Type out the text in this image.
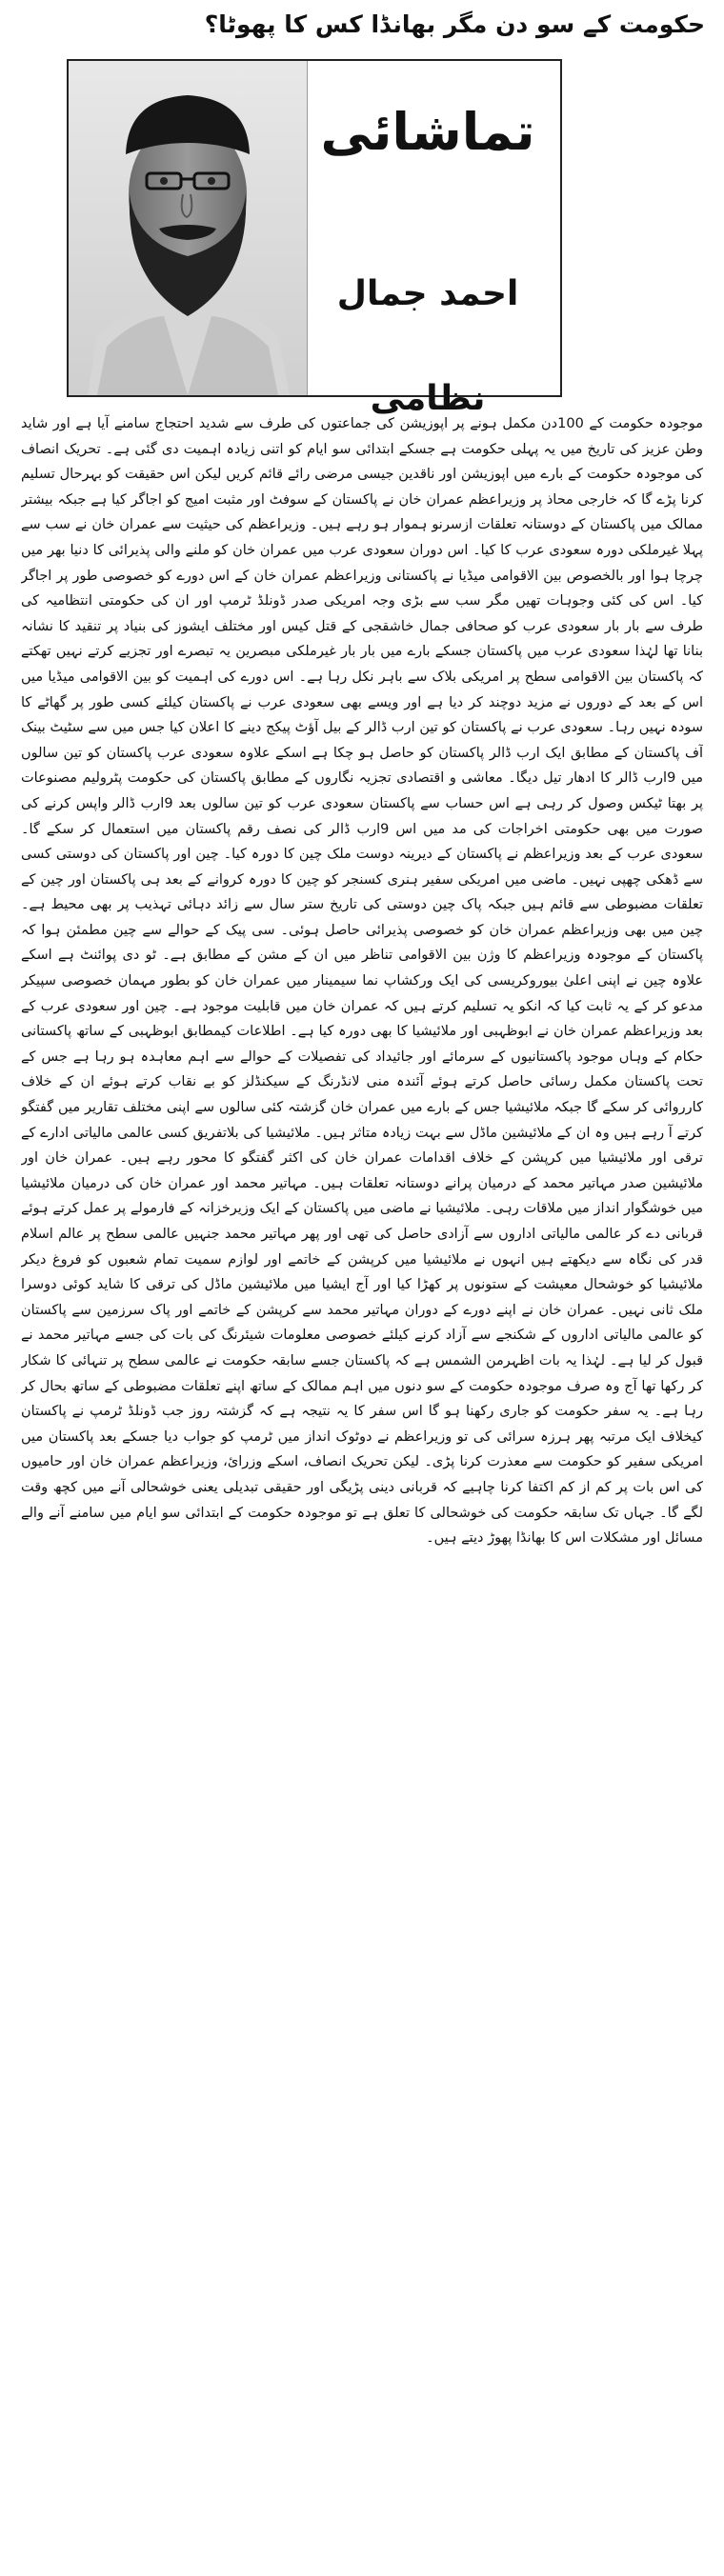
حکومت کے سو دن مگر بھانڈا کس کا پھوٹا؟
تماشائی
احمد جمال نظامی

موجودہ حکومت کے 100دن مکمل ہونے پر اپوزیشن کی جماعتوں کی طرف سے شدید احتجاج سامنے آیا ہے اور شاید وطن عزیز کی تاریخ میں یہ پہلی حکومت ہے جسکے ابتدائی سو ایام کو اتنی زیادہ اہمیت دی گئی ہے۔ تحریک انصاف کی موجودہ حکومت کے بارے میں اپوزیشن اور ناقدین جیسی مرضی رائے قائم کریں لیکن اس حقیقت کو بہرحال تسلیم کرنا پڑے گا کہ خارجی محاذ پر وزیراعظم عمران خان نے پاکستان کے سوفٹ اور مثبت امیج کو اجاگر کیا ہے جبکہ بیشتر ممالک میں پاکستان کے دوستانہ تعلقات ازسرنو ہموار ہو رہے ہیں۔ وزیراعظم کی حیثیت سے عمران خان نے سب سے پہلا غیرملکی دورہ سعودی عرب کا کیا۔ اس دوران سعودی عرب میں عمران خان کو ملنے والی پذیرائی کا دنیا بھر میں چرچا ہوا اور بالخصوص بین الاقوامی میڈیا نے پاکستانی وزیراعظم عمران خان کے اس دورے کو خصوصی طور پر اجاگر کیا۔ اس کی کئی وجوہات تھیں مگر سب سے بڑی وجہ امریکی صدر ڈونلڈ ٹرمپ اور ان کی حکومتی انتظامیہ کی طرف سے بار بار سعودی عرب کو صحافی جمال خاشقجی کے قتل کیس اور مختلف ایشوز کی بنیاد پر تنقید کا نشانہ بنانا تھا لہٰذا سعودی عرب میں پاکستان جسکے بارے میں بار بار غیرملکی مبصرین یہ تبصرے اور تجزیے کرتے نہیں تھکتے کہ پاکستان بین الاقوامی سطح پر امریکی بلاک سے باہر نکل رہا ہے۔ اس دورے کی اہمیت کو بین الاقوامی میڈیا میں اس کے بعد کے دوروں نے مزید دوچند کر دیا ہے اور ویسے بھی سعودی عرب نے پاکستان کیلئے کسی طور پر گھاٹے کا سودہ نہیں رہا۔ سعودی عرب نے پاکستان کو تین ارب ڈالر کے بیل آؤٹ پیکج دینے کا اعلان کیا جس میں سے سٹیٹ بینک آف پاکستان کے مطابق ایک ارب ڈالر پاکستان کو حاصل ہو چکا ہے اسکے علاوہ سعودی عرب پاکستان کو تین سالوں میں 9ارب ڈالر کا ادھار تیل دیگا۔ معاشی و اقتصادی تجزیہ نگاروں کے مطابق پاکستان کی حکومت پٹرولیم مصنوعات پر بھتا ٹیکس وصول کر رہی ہے اس حساب سے پاکستان سعودی عرب کو تین سالوں بعد 9ارب ڈالر واپس کرنے کی صورت میں بھی حکومتی اخراجات کی مد میں اس 9ارب ڈالر کی نصف رقم پاکستان میں استعمال کر سکے گا۔ سعودی عرب کے بعد وزیراعظم نے پاکستان کے دیرینہ دوست ملک چین کا دورہ کیا۔ چین اور پاکستان کی دوستی کسی سے ڈھکی چھپی نہیں۔ ماضی میں امریکی سفیر ہنری کسنجر کو چین کا دورہ کروانے کے بعد ہی پاکستان اور چین کے تعلقات مضبوطی سے قائم ہیں جبکہ پاک چین دوستی کی تاریخ ستر سال سے زائد دہائی تہذیب پر بھی محیط ہے۔ چین میں بھی وزیراعظم عمران خان کو خصوصی پذیرائی حاصل ہوئی۔ سی پیک کے حوالے سے چین مطمئن ہوا کہ پاکستان کے موجودہ وزیراعظم کا وژن بین الاقوامی تناظر میں ان کے مشن کے مطابق ہے۔ ٹو دی پوائنٹ ہے اسکے علاوہ چین نے اپنی اعلیٰ بیوروکریسی کی ایک ورکشاپ نما سیمینار میں عمران خان کو بطور مہمان خصوصی سپیکر مدعو کر کے یہ ثابت کیا کہ انکو یہ تسلیم کرتے ہیں کہ عمران خان میں قابلیت موجود ہے۔ چین اور سعودی عرب کے بعد وزیراعظم عمران خان نے ابوظہبی اور ملائیشیا کا بھی دورہ کیا ہے۔ اطلاعات کیمطابق ابوظہبی کے ساتھ پاکستانی حکام کے وہاں موجود پاکستانیوں کے سرمائے اور جائیداد کی تفصیلات کے حوالے سے اہم معاہدہ ہو رہا ہے جس کے تحت پاکستان مکمل رسائی حاصل کرتے ہوئے آئندہ منی لانڈرنگ کے سیکنڈلز کو بے نقاب کرتے ہوئے ان کے خلاف کارروائی کر سکے گا جبکہ ملائیشیا جس کے بارے میں عمران خان گزشتہ کئی سالوں سے اپنی مختلف تقاریر میں گفتگو کرتے آ رہے ہیں وہ ان کے ملائیشین ماڈل سے بہت زیادہ متاثر ہیں۔ ملائیشیا کی بلاتفریق کسی عالمی مالیاتی ادارے کے ترقی اور ملائیشیا میں کرپشن کے خلاف اقدامات عمران خان کی اکثر گفتگو کا محور رہے ہیں۔ عمران خان اور ملائیشین صدر مہاتیر محمد کے درمیان پرانے دوستانہ تعلقات ہیں۔ مہاتیر محمد اور عمران خان کی درمیان ملائیشیا میں خوشگوار انداز میں ملاقات رہی۔ ملائیشیا نے ماضی میں پاکستان کے ایک وزیرخزانہ کے فارمولے پر عمل کرتے ہوئے قربانی دے کر عالمی مالیاتی اداروں سے آزادی حاصل کی تھی اور پھر مہاتیر محمد جنہیں عالمی سطح پر عالم اسلام قدر کی نگاہ سے دیکھتے ہیں انہوں نے ملائیشیا میں کرپشن کے خاتمے اور لوازم سمیت تمام شعبوں کو فروغ دیکر ملائیشیا کو خوشحال معیشت کے ستونوں پر کھڑا کیا اور آج ایشیا میں ملائیشین ماڈل کی ترقی کا شاید کوئی دوسرا ملک ثانی نہیں۔ عمران خان نے اپنے دورے کے دوران مہاتیر محمد سے کرپشن کے خاتمے اور پاک سرزمین سے پاکستان کو عالمی مالیاتی اداروں کے شکنجے سے آزاد کرنے کیلئے خصوصی معلومات شیئرنگ کی بات کی جسے مہاتیر محمد نے قبول کر لیا ہے۔ لہٰذا یہ بات اظہرمن الشمس ہے کہ پاکستان جسے سابقہ حکومت نے عالمی سطح پر تنہائی کا شکار کر رکھا تھا آج وہ صرف موجودہ حکومت کے سو دنوں میں اہم ممالک کے ساتھ اپنے تعلقات مضبوطی کے ساتھ بحال کر رہا ہے۔ یہ سفر حکومت کو جاری رکھنا ہو گا اس سفر کا یہ نتیجہ ہے کہ گزشتہ روز جب ڈونلڈ ٹرمپ نے پاکستان کیخلاف ایک مرتبہ پھر ہرزہ سرائی کی تو وزیراعظم نے دوٹوک انداز میں ٹرمپ کو جواب دیا جسکے بعد پاکستان میں امریکی سفیر کو حکومت سے معذرت کرنا پڑی۔ لیکن تحریک انصاف، اسکے وزرائ، وزیراعظم عمران خان اور حامیوں کی اس بات پر کم از کم اکتفا کرنا چاہیے کہ قربانی دینی پڑیگی اور حقیقی تبدیلی یعنی خوشحالی آنے میں کچھ وقت لگے گا۔ جہاں تک سابقہ حکومت کی خوشحالی کا تعلق ہے تو موجودہ حکومت کے ابتدائی سو ایام میں سامنے آنے والے مسائل اور مشکلات اس کا بھانڈا پھوڑ دیتے ہیں۔
